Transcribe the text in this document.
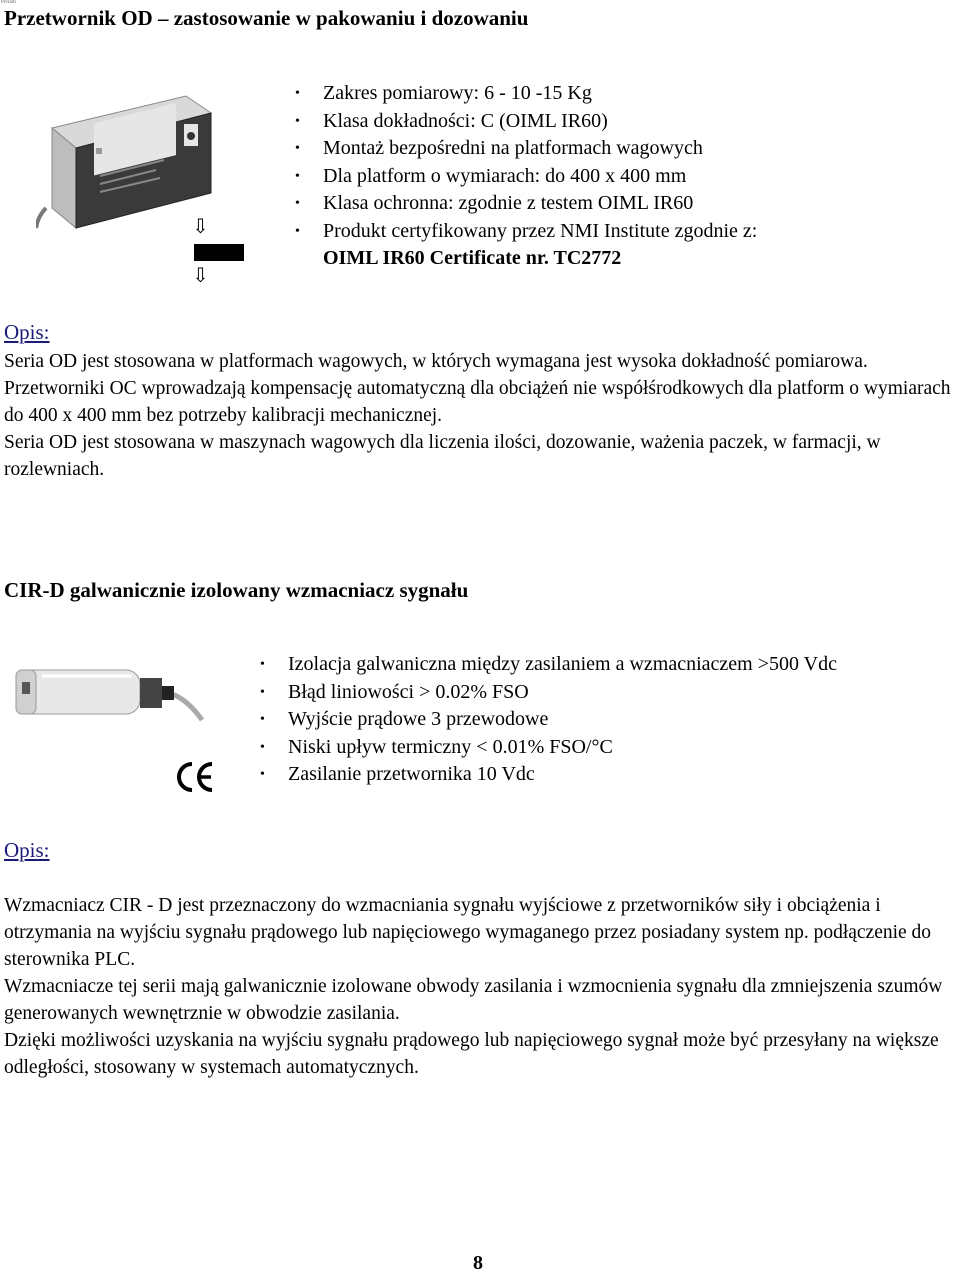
Prczsm
Przetwornik OD – zastosowanie w pakowaniu i dozowaniu
⇩
⇩
• Zakres pomiarowy: 6 - 10 -15 Kg
• Klasa dokładności: C (OIML IR60)
• Montaż bezpośredni na platformach wagowych
• Dla platform o wymiarach: do 400 x 400 mm
• Klasa ochronna: zgodnie z testem OIML IR60
• Produkt certyfikowany przez NMI Institute zgodnie z:
OIML IR60 Certificate nr. TC2772
Opis:

Seria OD jest stosowana w platformach wagowych, w których wymagana jest wysoka dokładność pomiarowa. Przetworniki OC wprowadzają kompensację automatyczną dla obciążeń nie współśrodkowych dla platform o wymiarach do 400 x 400 mm bez potrzeby kalibracji mechanicznej.

Seria OD jest stosowana w maszynach wagowych dla liczenia ilości, dozowanie, ważenia paczek, w farmacji, w rozlewniach.

CIR-D galwanicznie izolowany wzmacniacz sygnału
• Izolacja galwaniczna między zasilaniem a wzmacniaczem >500 Vdc
• Błąd liniowości > 0.02% FSO
• Wyjście prądowe 3 przewodowe
• Niski upływ termiczny < 0.01% FSO/°C
• Zasilanie przetwornika 10 Vdc
Opis:

Wzmacniacz CIR - D jest przeznaczony do wzmacniania sygnału wyjściowe z przetworników siły i obciążenia i otrzymania na wyjściu sygnału prądowego lub napięciowego wymaganego przez posiadany system np. podłączenie do sterownika PLC.

Wzmacniacze tej serii mają galwanicznie izolowane obwody zasilania i wzmocnienia sygnału dla zmniejszenia szumów generowanych wewnętrznie w obwodzie zasilania.

Dzięki możliwości uzyskania na wyjściu sygnału prądowego lub napięciowego sygnał może być przesyłany na większe odległości, stosowany w systemach automatycznych.

8
